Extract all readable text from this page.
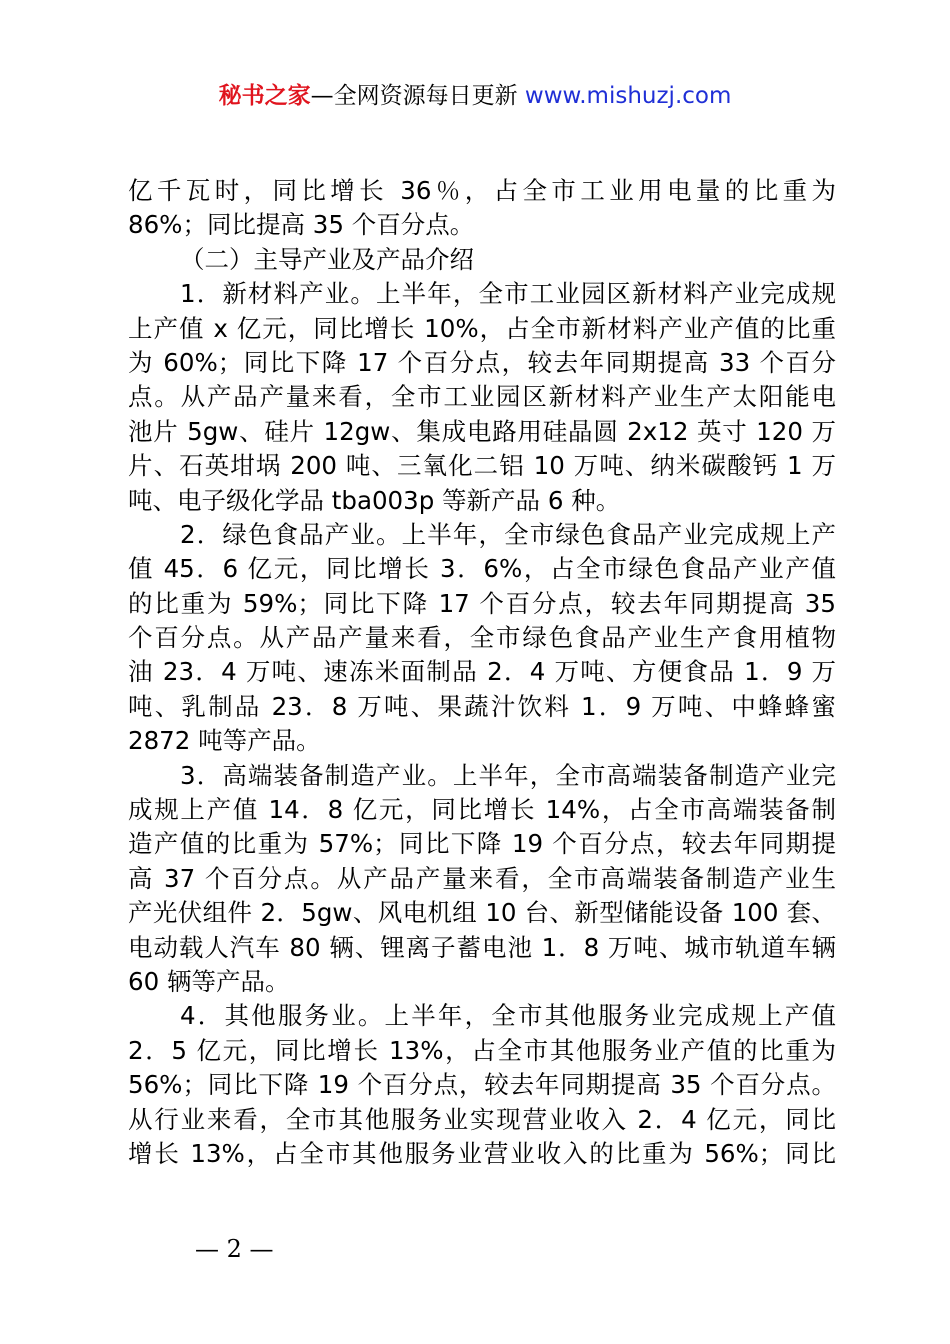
秘书之家—全网资源每日更新 www.mishuzj.com
亿千瓦时，同比增长 36％，占全市工业用电量的比重为
86%；同比提高 35 个百分点。
（二）主导产业及产品介绍
1．新材料产业。上半年，全市工业园区新材料产业完成规
上产值 x 亿元，同比增长 10%，占全市新材料产业产值的比重
为 60%；同比下降 17 个百分点，较去年同期提高 33 个百分
点。从产品产量来看，全市工业园区新材料产业生产太阳能电
池片 5gw、硅片 12gw、集成电路用硅晶圆 2x12 英寸 120 万
片、石英坩埚 200 吨、三氧化二铝 10 万吨、纳米碳酸钙 1 万
吨、电子级化学品 tba003p 等新产品 6 种。
2．绿色食品产业。上半年，全市绿色食品产业完成规上产
值 45．6 亿元，同比增长 3．6%，占全市绿色食品产业产值
的比重为 59%；同比下降 17 个百分点，较去年同期提高 35
个百分点。从产品产量来看，全市绿色食品产业生产食用植物
油 23．4 万吨、速冻米面制品 2．4 万吨、方便食品 1．9 万
吨、乳制品 23．8 万吨、果蔬汁饮料 1．9 万吨、中蜂蜂蜜
2872 吨等产品。
3．高端装备制造产业。上半年，全市高端装备制造产业完
成规上产值 14．8 亿元，同比增长 14%，占全市高端装备制
造产值的比重为 57%；同比下降 19 个百分点，较去年同期提
高 37 个百分点。从产品产量来看，全市高端装备制造产业生
产光伏组件 2．5gw、风电机组 10 台、新型储能设备 100 套、
电动载人汽车 80 辆、锂离子蓄电池 1．8 万吨、城市轨道车辆
60 辆等产品。
4．其他服务业。上半年，全市其他服务业完成规上产值
2．5 亿元，同比增长 13%，占全市其他服务业产值的比重为
56%；同比下降 19 个百分点，较去年同期提高 35 个百分点。
从行业来看，全市其他服务业实现营业收入 2．4 亿元，同比
增长 13%，占全市其他服务业营业收入的比重为 56%；同比
— 2 —
